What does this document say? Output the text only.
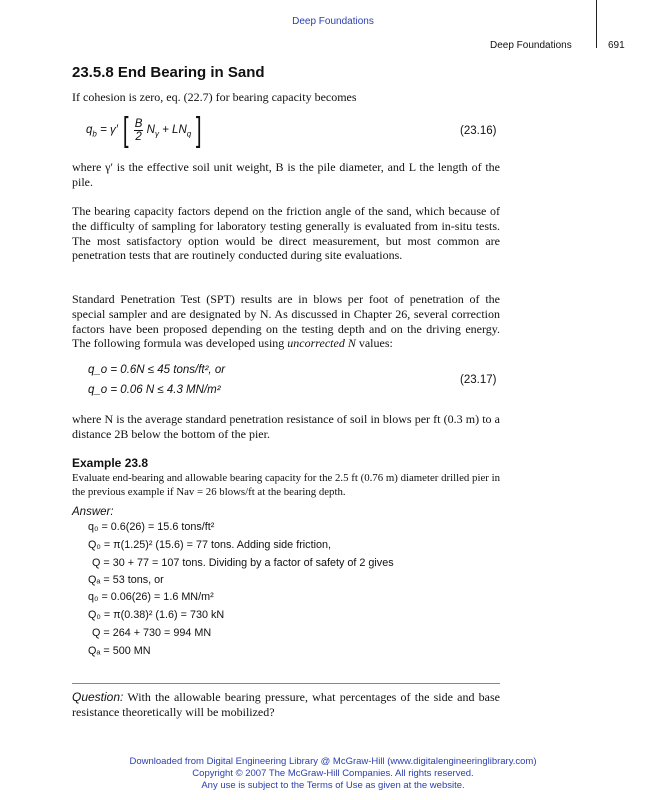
Deep Foundations
Deep Foundations	691
23.5.8 End Bearing in Sand
If cohesion is zero, eq. (22.7) for bearing capacity becomes
$q_b = \gamma'$ [ $\frac{B}{2} N_\gamma + LN_q$ ]	(23.16)
where γ′ is the effective soil unit weight, B is the pile diameter, and L the length of the pile.
The bearing capacity factors depend on the friction angle of the sand, which because of the difficulty of sampling for laboratory testing generally is evaluated from in-situ tests. The most satisfactory option would be direct measurement, but most common are penetration tests that are routinely conducted during site evaluations.
Standard Penetration Test (SPT) results are in blows per foot of penetration of the special sampler and are designated by N. As discussed in Chapter 26, several correction factors have been proposed depending on the testing depth and on the driving energy. The following formula was developed using uncorrected N values:
q_o = 0.6N ≤ 45 tons/ft², or
q_o = 0.06 N ≤ 4.3 MN/m²
(23.17)
where N is the average standard penetration resistance of soil in blows per ft (0.3 m) to a distance 2B below the bottom of the pier.
Example 23.8
Evaluate end-bearing and allowable bearing capacity for the 2.5 ft (0.76 m) diameter drilled pier in the previous example if Nav = 26 blows/ft at the bearing depth.
Answer:
q₀ = 0.6(26) = 15.6 tons/ft²
Q₀ = π(1.25)² (15.6) = 77 tons. Adding side friction,
Q = 30 + 77 = 107 tons. Dividing by a factor of safety of 2 gives
Qₐ = 53 tons, or
q₀ = 0.06(26) = 1.6 MN/m²
Q₀ = π(0.38)² (1.6) = 730 kN
Q = 264 + 730 = 994 MN
Qₐ = 500 MN
Question: With the allowable bearing pressure, what percentages of the side and base resistance theoretically will be mobilized?
Downloaded from Digital Engineering Library @ McGraw-Hill (www.digitalengineeringlibrary.com)
Copyright © 2007 The McGraw-Hill Companies. All rights reserved.
Any use is subject to the Terms of Use as given at the website.
